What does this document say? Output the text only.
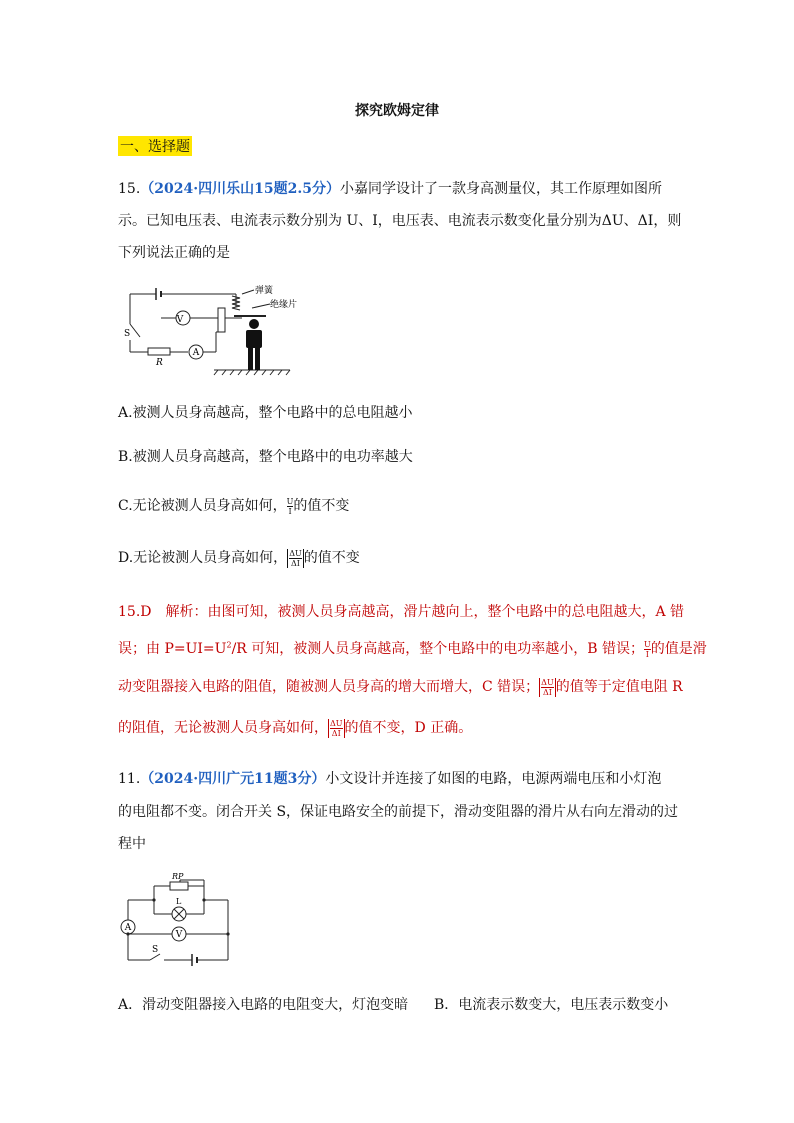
探究欧姆定律
一、选择题
15.（2024·四川乐山15题2.5分）小嘉同学设计了一款身高测量仪，其工作原理如图所
示。已知电压表、电流表示数分别为 U、I，电压表、电流表示数变化量分别为ΔU、ΔI，则
下列说法正确的是
V
A
S
R
弹簧
绝缘片
A.被测人员身高越高，整个电路中的总电阻越小
B.被测人员身高越高，整个电路中的电功率越大
C.无论被测人员身高如何， $\frac{U}{I}$的值不变
D.无论被测人员身高如何， $\frac{\Delta U}{\Delta I}$ 的值不变
15.D　解析：由图可知，被测人员身高越高，滑片越向上，整个电路中的总电阻越大，A 错
误；由 $P=UI=U^2/R$ 可知，被测人员身高越高，整个电路中的电功率越小，B 错误； $\frac{U}{I}$的值是滑
动变阻器接入电路的阻值，随被测人员身高的增大而增大，C 错误； $\frac{\Delta U}{\Delta I}$ 的值等于定值电阻 R
的阻值，无论被测人员身高如何， $\frac{\Delta U}{\Delta I}$ 的值不变，D 正确。
11.（2024·四川广元11题3分）小文设计并连接了如图的电路，电源两端电压和小灯泡
的电阻都不变。闭合开关 S，保证电路安全的前提下，滑动变阻器的滑片从右向左滑动的过
程中
A
V
RP
L
S
A．滑动变阻器接入电路的电阻变大，灯泡变暗 B．电流表示数变大，电压表示数变小
